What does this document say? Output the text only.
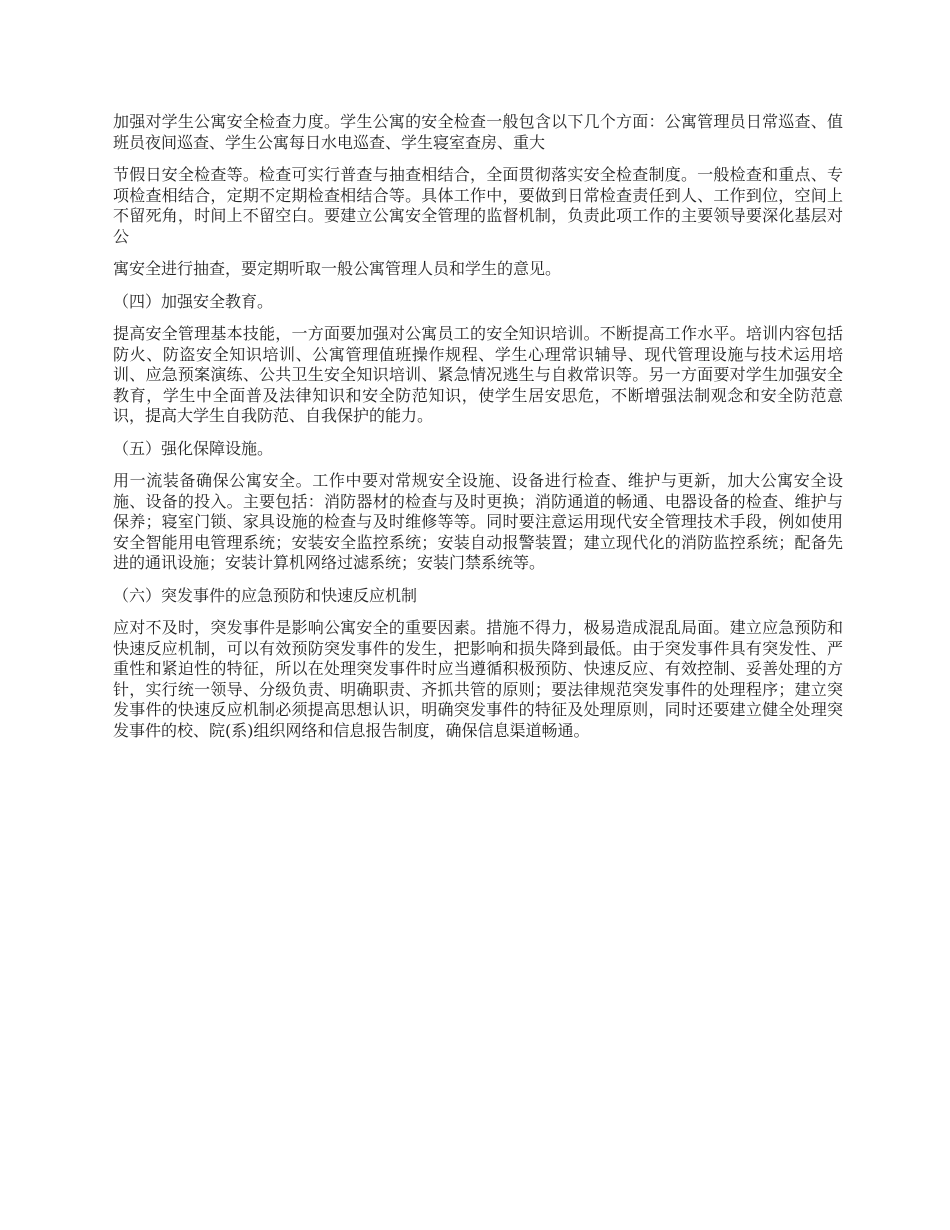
加强对学生公寓安全检查力度。学生公寓的安全检查一般包含以下几个方面：公寓管理员日常巡查、值班员夜间巡查、学生公寓每日水电巡查、学生寝室查房、重大

节假日安全检查等。检查可实行普查与抽查相结合，全面贯彻落实安全检查制度。一般检查和重点、专项检查相结合，定期不定期检查相结合等。具体工作中，要做到日常检查责任到人、工作到位，空间上不留死角，时间上不留空白。要建立公寓安全管理的监督机制，负责此项工作的主要领导要深化基层对公

寓安全进行抽查，要定期听取一般公寓管理人员和学生的意见。

（四）加强安全教育。

提高安全管理基本技能，一方面要加强对公寓员工的安全知识培训。不断提高工作水平。培训内容包括防火、防盗安全知识培训、公寓管理值班操作规程、学生心理常识辅导、现代管理设施与技术运用培训、应急预案演练、公共卫生安全知识培训、紧急情况逃生与自救常识等。另一方面要对学生加强安全教育，学生中全面普及法律知识和安全防范知识，使学生居安思危，不断增强法制观念和安全防范意识，提高大学生自我防范、自我保护的能力。

（五）强化保障设施。

用一流装备确保公寓安全。工作中要对常规安全设施、设备进行检查、维护与更新，加大公寓安全设施、设备的投入。主要包括：消防器材的检查与及时更换；消防通道的畅通、电器设备的检查、维护与保养；寝室门锁、家具设施的检查与及时维修等等。同时要注意运用现代安全管理技术手段，例如使用安全智能用电管理系统；安装安全监控系统；安装自动报警装置；建立现代化的消防监控系统；配备先进的通讯设施；安装计算机网络过滤系统；安装门禁系统等。

（六）突发事件的应急预防和快速反应机制

应对不及时，突发事件是影响公寓安全的重要因素。措施不得力，极易造成混乱局面。建立应急预防和快速反应机制，可以有效预防突发事件的发生，把影响和损失降到最低。由于突发事件具有突发性、严重性和紧迫性的特征，所以在处理突发事件时应当遵循积极预防、快速反应、有效控制、妥善处理的方针，实行统一领导、分级负责、明确职责、齐抓共管的原则；要法律规范突发事件的处理程序；建立突发事件的快速反应机制必须提高思想认识，明确突发事件的特征及处理原则，同时还要建立健全处理突发事件的校、院(系)组织网络和信息报告制度，确保信息渠道畅通。
